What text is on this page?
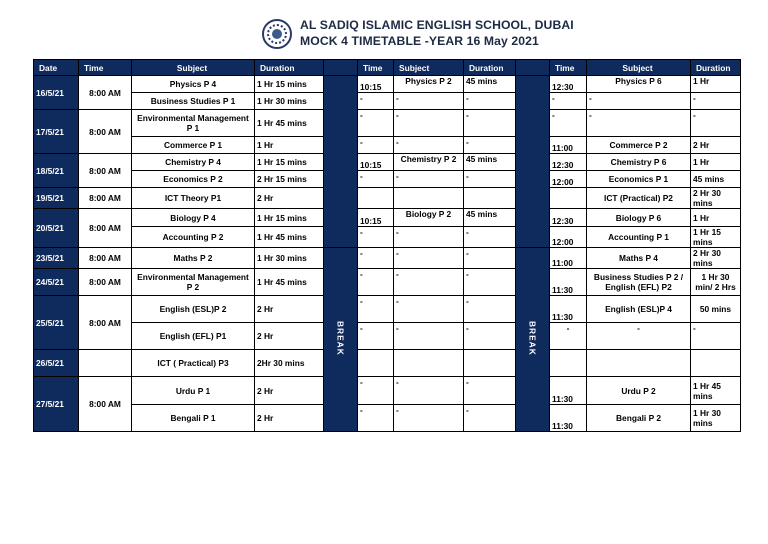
AL SADIQ ISLAMIC ENGLISH SCHOOL, DUBAI
MOCK 4 TIMETABLE -YEAR 16 May 2021
Date	Time	Subject	Duration		Time	Subject	Duration		Time	Subject	Duration
16/5/21	8:00 AM	Physics P 4	1 Hr 15 mins		10:15	Physics P 2	45 mins		12:30	Physics P 6	1 Hr
		Business Studies P 1	1 Hr 30 mins		-	-	-		-	-	-
17/5/21	8:00 AM	Environmental Management P 1	1 Hr 45 mins		-	-	-		-	-	-
		Commerce P 1	1 Hr		-	-	-		11:00	Commerce P 2	2 Hr
18/5/21	8:00 AM	Chemistry P 4	1 Hr 15 mins		10:15	Chemistry P 2	45 mins		12:30	Chemistry P 6	1 Hr
		Economics P 2	2 Hr 15 mins		-	-	-		12:00	Economics P 1	45 mins
19/5/21	8:00 AM	ICT Theory P1	2 Hr							ICT (Practical) P2	2 Hr 30 mins
20/5/21	8:00 AM	Biology P 4	1 Hr 15 mins		10:15	Biology P 2	45 mins		12:30	Biology P 6	1 Hr
		Accounting P 2	1 Hr 45 mins		-	-	-		12:00	Accounting P 1	1 Hr 15 mins
23/5/21	8:00 AM	Maths P 2	1 Hr 30 mins	BREAK	-	-	-	BREAK	11:00	Maths P 4	2 Hr 30 mins
24/5/21	8:00 AM	Environmental Management P 2	1 Hr 45 mins		-	-	-		11:30	Business Studies P 2 / English (EFL) P2	1 Hr 30 min/ 2 Hrs
25/5/21	8:00 AM	English (ESL)P 2	2 Hr		-	-	-		11:30	English (ESL)P 4	50 mins
		English (EFL) P1	2 Hr		-	-	-		-	-	-
26/5/21		ICT ( Practical) P3	2Hr 30 mins								
27/5/21	8:00 AM	Urdu P 1	2 Hr		-	-	-		11:30	Urdu P 2	1 Hr 45 mins
		Bengali P 1	2 Hr		-	-	-		11:30	Bengali P 2	1 Hr 30 mins
